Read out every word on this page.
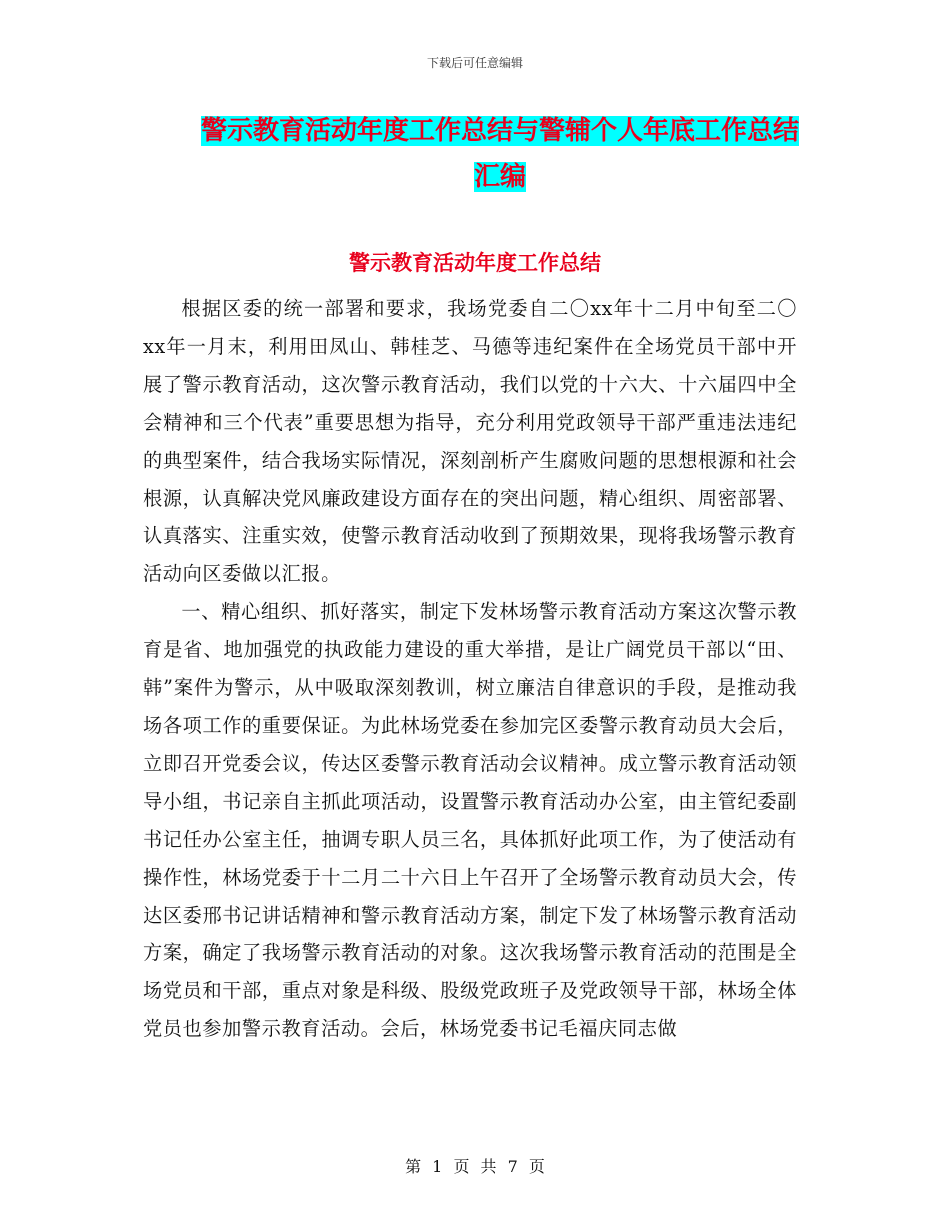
下载后可任意编辑
警示教育活动年度工作总结与警辅个人年底工作总结
汇编
警示教育活动年度工作总结

根据区委的统一部署和要求，我场党委自二〇xx年十二月中旬至二〇xx年一月末，利用田凤山、韩桂芝、马德等违纪案件在全场党员干部中开展了警示教育活动，这次警示教育活动，我们以党的十六大、十六届四中全会精神和三个代表”重要思想为指导，充分利用党政领导干部严重违法违纪的典型案件，结合我场实际情况，深刻剖析产生腐败问题的思想根源和社会根源，认真解决党风廉政建设方面存在的突出问题，精心组织、周密部署、认真落实、注重实效，使警示教育活动收到了预期效果，现将我场警示教育活动向区委做以汇报。

一、精心组织、抓好落实，制定下发林场警示教育活动方案这次警示教育是省、地加强党的执政能力建设的重大举措，是让广阔党员干部以“田、韩”案件为警示，从中吸取深刻教训，树立廉洁自律意识的手段，是推动我场各项工作的重要保证。为此林场党委在参加完区委警示教育动员大会后，立即召开党委会议，传达区委警示教育活动会议精神。成立警示教育活动领导小组，书记亲自主抓此项活动，设置警示教育活动办公室，由主管纪委副书记任办公室主任，抽调专职人员三名，具体抓好此项工作，为了使活动有操作性，林场党委于十二月二十六日上午召开了全场警示教育动员大会，传达区委邢书记讲话精神和警示教育活动方案，制定下发了林场警示教育活动方案，确定了我场警示教育活动的对象。这次我场警示教育活动的范围是全场党员和干部，重点对象是科级、股级党政班子及党政领导干部，林场全体党员也参加警示教育活动。会后，林场党委书记毛福庆同志做

第 1 页 共 7 页
